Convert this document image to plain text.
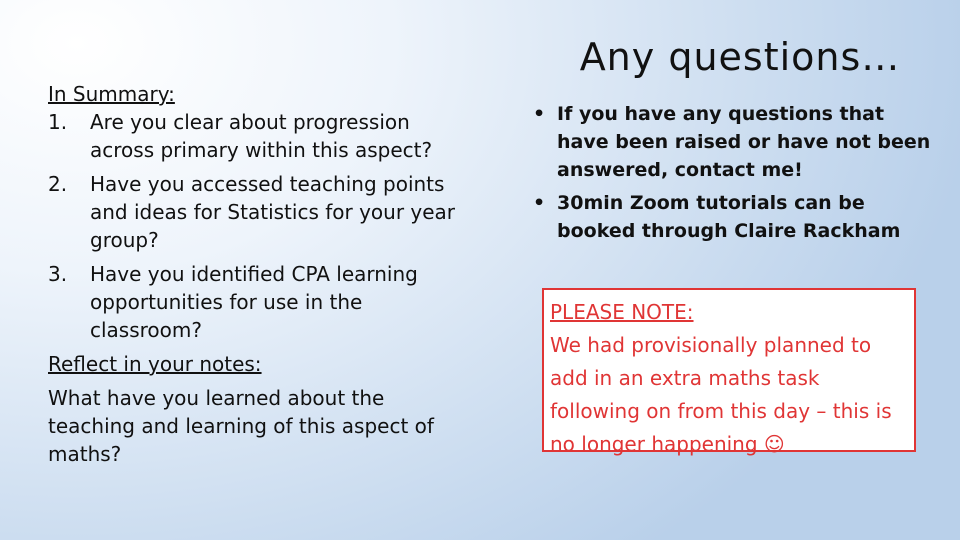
In Summary:

1. Are you clear about progression across primary within this aspect?
2. Have you accessed teaching points and ideas for Statistics for your year group?
3. Have you identified CPA learning opportunities for use in the classroom?

Reflect in your notes:

What have you learned about the teaching and learning of this aspect of maths?

Any questions…
• If you have any questions that have been raised or have not been answered, contact me!
• 30min Zoom tutorials can be booked through Claire Rackham

PLEASE NOTE:

We had provisionally planned to add in an extra maths task following on from this day – this is no longer happening ☺
